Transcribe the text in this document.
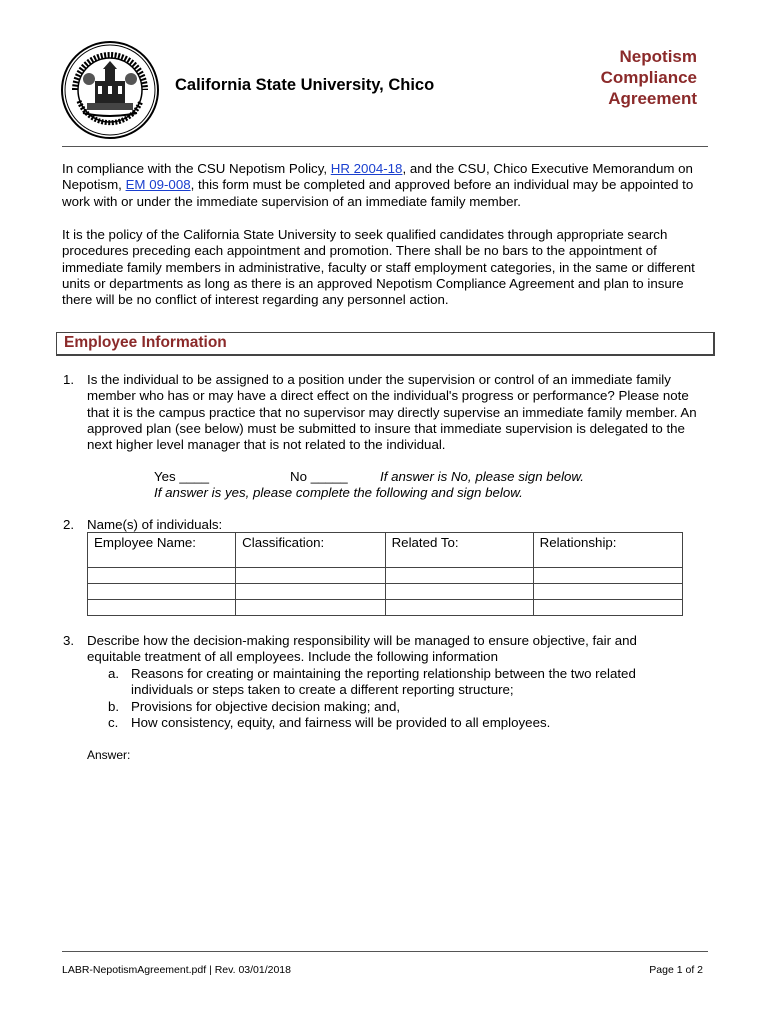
California State University, Chico
Nepotism
Compliance
Agreement
In compliance with the CSU Nepotism Policy, HR 2004-18, and the CSU, Chico Executive Memorandum on Nepotism, EM 09-008, this form must be completed and approved before an individual may be appointed to work with or under the immediate supervision of an immediate family member.
It is the policy of the California State University to seek qualified candidates through appropriate search procedures preceding each appointment and promotion. There shall be no bars to the appointment of immediate family members in administrative, faculty or staff employment categories, in the same or different units or departments as long as there is an approved Nepotism Compliance Agreement and plan to insure there will be no conflict of interest regarding any personnel action.
Employee Information
1. Is the individual to be assigned to a position under the supervision or control of an immediate family member who has or may have a direct effect on the individual's progress or performance? Please note that it is the campus practice that no supervisor may directly supervise an immediate family member. An approved plan (see below) must be submitted to insure that immediate supervision is delegated to the next higher level manager that is not related to the individual.
Yes ____	No _____ If answer is No, please sign below.
If answer is yes, please complete the following and sign below.
2. Name(s) of individuals:
Employee Name:	Classification:	Related To:	Relationship:

3. Describe how the decision-making responsibility will be managed to ensure objective, fair and equitable treatment of all employees. Include the following information
a. Reasons for creating or maintaining the reporting relationship between the two related individuals or steps taken to create a different reporting structure;
b. Provisions for objective decision making; and,
c. How consistency, equity, and fairness will be provided to all employees.
Answer:
LABR-NepotismAgreement.pdf | Rev. 03/01/2018	Page 1 of 2
